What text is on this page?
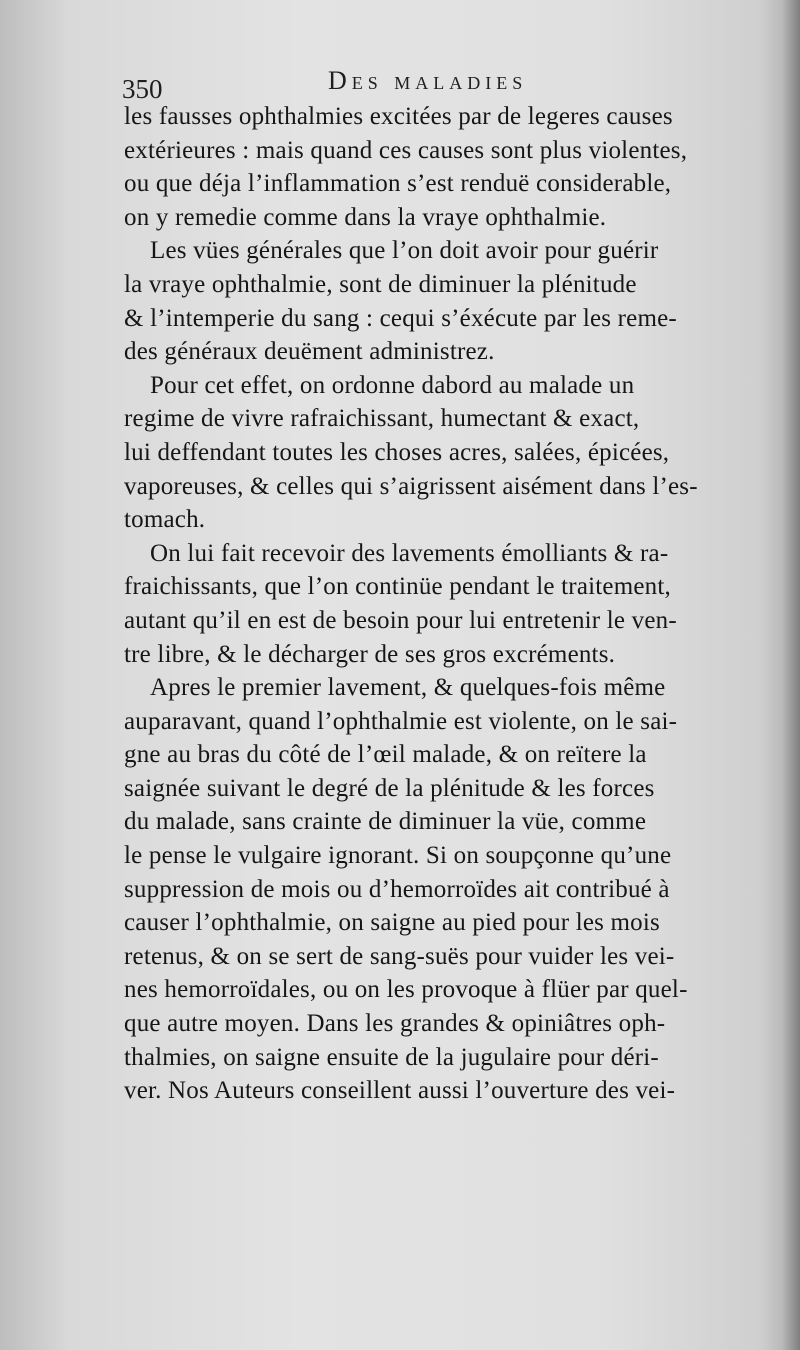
350	Des maladies
les fausses ophthalmies excitées par de legeres causes
extérieures : mais quand ces causes sont plus violentes,
ou que déja l’inflammation s’est renduë considerable,
on y remedie comme dans la vraye ophthalmie.
Les vües générales que l’on doit avoir pour guérir
la vraye ophthalmie, sont de diminuer la plénitude
& l’intemperie du sang : cequi s’éxécute par les reme-
des généraux deuëment administrez.
Pour cet effet, on ordonne dabord au malade un
regime de vivre rafraichissant, humectant & exact,
lui deffendant toutes les choses acres, salées, épicées,
vaporeuses, & celles qui s’aigrissent aisément dans l’es-
tomach.
On lui fait recevoir des lavements émolliants & ra-
fraichissants, que l’on continüe pendant le traitement,
autant qu’il en est de besoin pour lui entretenir le ven-
tre libre, & le décharger de ses gros excréments.
Apres le premier lavement, & quelques-fois même
auparavant, quand l’ophthalmie est violente, on le sai-
gne au bras du côté de l’œil malade, & on reïtere la
saignée suivant le degré de la plénitude & les forces
du malade, sans crainte de diminuer la vüe, comme
le pense le vulgaire ignorant. Si on soupçonne qu’une
suppression de mois ou d’hemorroïdes ait contribué à
causer l’ophthalmie, on saigne au pied pour les mois
retenus, & on se sert de sang-suës pour vuider les vei-
nes hemorroïdales, ou on les provoque à flüer par quel-
que autre moyen. Dans les grandes & opiniâtres oph-
thalmies, on saigne ensuite de la jugulaire pour déri-
ver. Nos Auteurs conseillent aussi l’ouverture des vei-
